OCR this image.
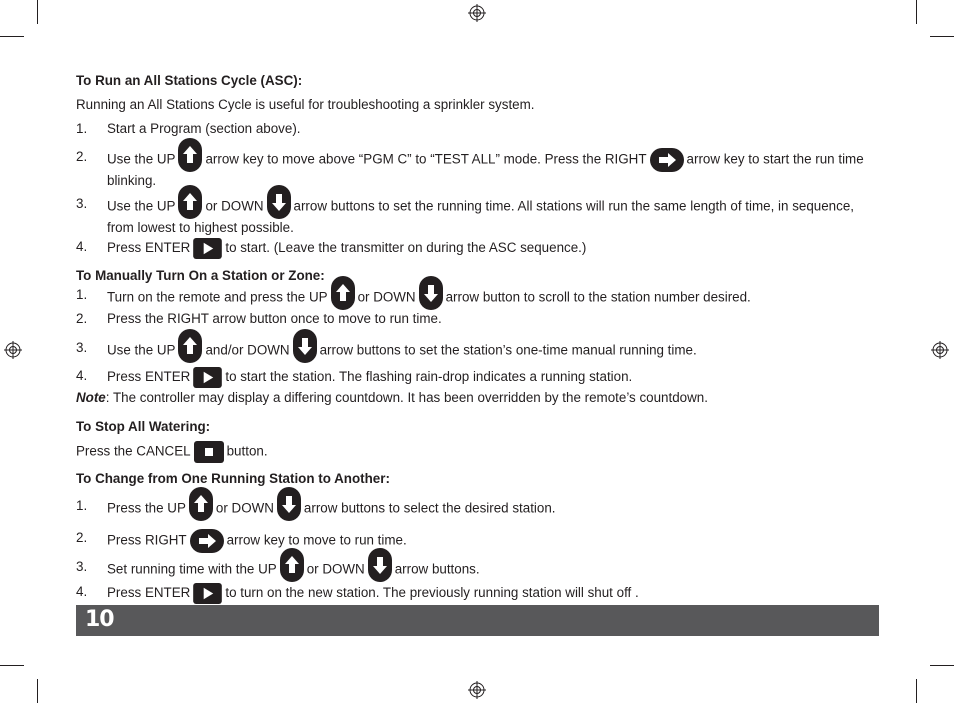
To Run an All Stations Cycle (ASC):
Running an All Stations Cycle is useful for troubleshooting a sprinkler system.
1. Start a Program (section above).
2. Use the UP arrow key to move above “PGM C” to “TEST ALL” mode. Press the RIGHT	arrow key to start the run time blinking.
3. Use the UP or DOWN arrow buttons to set the running time. All stations will run the same length of time, in sequence, from lowest to highest possible.
4. Press ENTER	to start. (Leave the transmitter on during the ASC sequence.)
To Manually Turn On a Station or Zone:
1. Turn on the remote and press the UP or DOWN arrow button to scroll to the station number desired.
2. Press the RIGHT arrow button once to move to run time.
3. Use the UP and/or DOWN arrow buttons to set the station’s one-time manual running time.
4. Press ENTER	to start the station. The flashing rain-drop indicates a running station.
Note: The controller may display a differing countdown. It has been overridden by the remote’s countdown.
To Stop All Watering:
Press the CANCEL	button.
To Change from One Running Station to Another:
1. Press the UP or DOWN arrow buttons to select the desired station.
2. Press RIGHT	arrow key to move to run time.
3. Set running time with the UP or DOWN arrow buttons.
4. Press ENTER	to turn on the new station. The previously running station will shut off .
10
